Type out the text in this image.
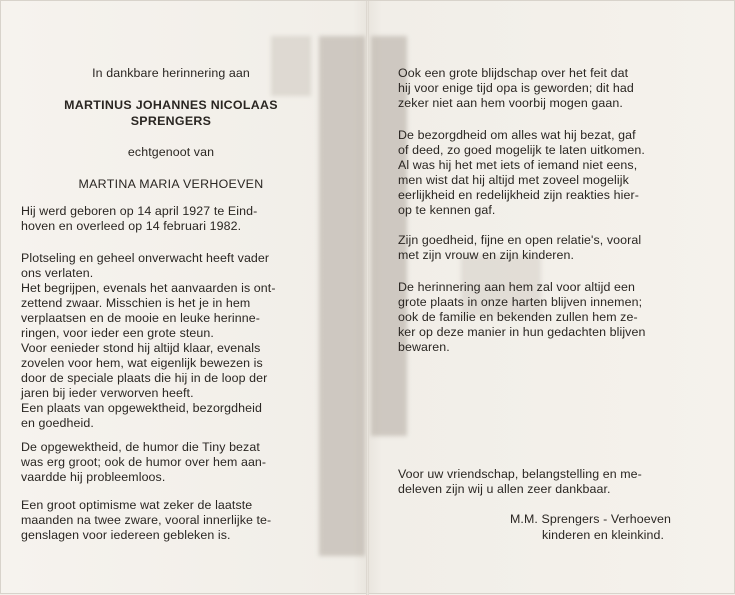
In dankbare herinnering aan
MARTINUS JOHANNES NICOLAAS
SPRENGERS
echtgenoot van
MARTINA MARIA VERHOEVEN
Hij werd geboren op 14 april 1927 te Eind-
hoven en overleed op 14 februari 1982.
Plotseling en geheel onverwacht heeft vader
ons verlaten.
Het begrijpen, evenals het aanvaarden is ont-
zettend zwaar. Misschien is het je in hem
verplaatsen en de mooie en leuke herinne-
ringen, voor ieder een grote steun.
Voor eenieder stond hij altijd klaar, evenals
zovelen voor hem, wat eigenlijk bewezen is
door de speciale plaats die hij in de loop der
jaren bij ieder verworven heeft.
Een plaats van opgewektheid, bezorgdheid
en goedheid.
De opgewektheid, de humor die Tiny bezat
was erg groot; ook de humor over hem aan-
vaardde hij probleemloos.
Een groot optimisme wat zeker de laatste
maanden na twee zware, vooral innerlijke te-
genslagen voor iedereen gebleken is.
Ook een grote blijdschap over het feit dat
hij voor enige tijd opa is geworden; dit had
zeker niet aan hem voorbij mogen gaan.
De bezorgdheid om alles wat hij bezat, gaf
of deed, zo goed mogelijk te laten uitkomen.
Al was hij het met iets of iemand niet eens,
men wist dat hij altijd met zoveel mogelijk
eerlijkheid en redelijkheid zijn reakties hier-
op te kennen gaf.
Zijn goedheid, fijne en open relatie's, vooral
met zijn vrouw en zijn kinderen.
De herinnering aan hem zal voor altijd een
grote plaats in onze harten blijven innemen;
ook de familie en bekenden zullen hem ze-
ker op deze manier in hun gedachten blijven
bewaren.
Voor uw vriendschap, belangstelling en me-
deleven zijn wij u allen zeer dankbaar.
M.M. Sprengers - Verhoeven
kinderen en kleinkind.
